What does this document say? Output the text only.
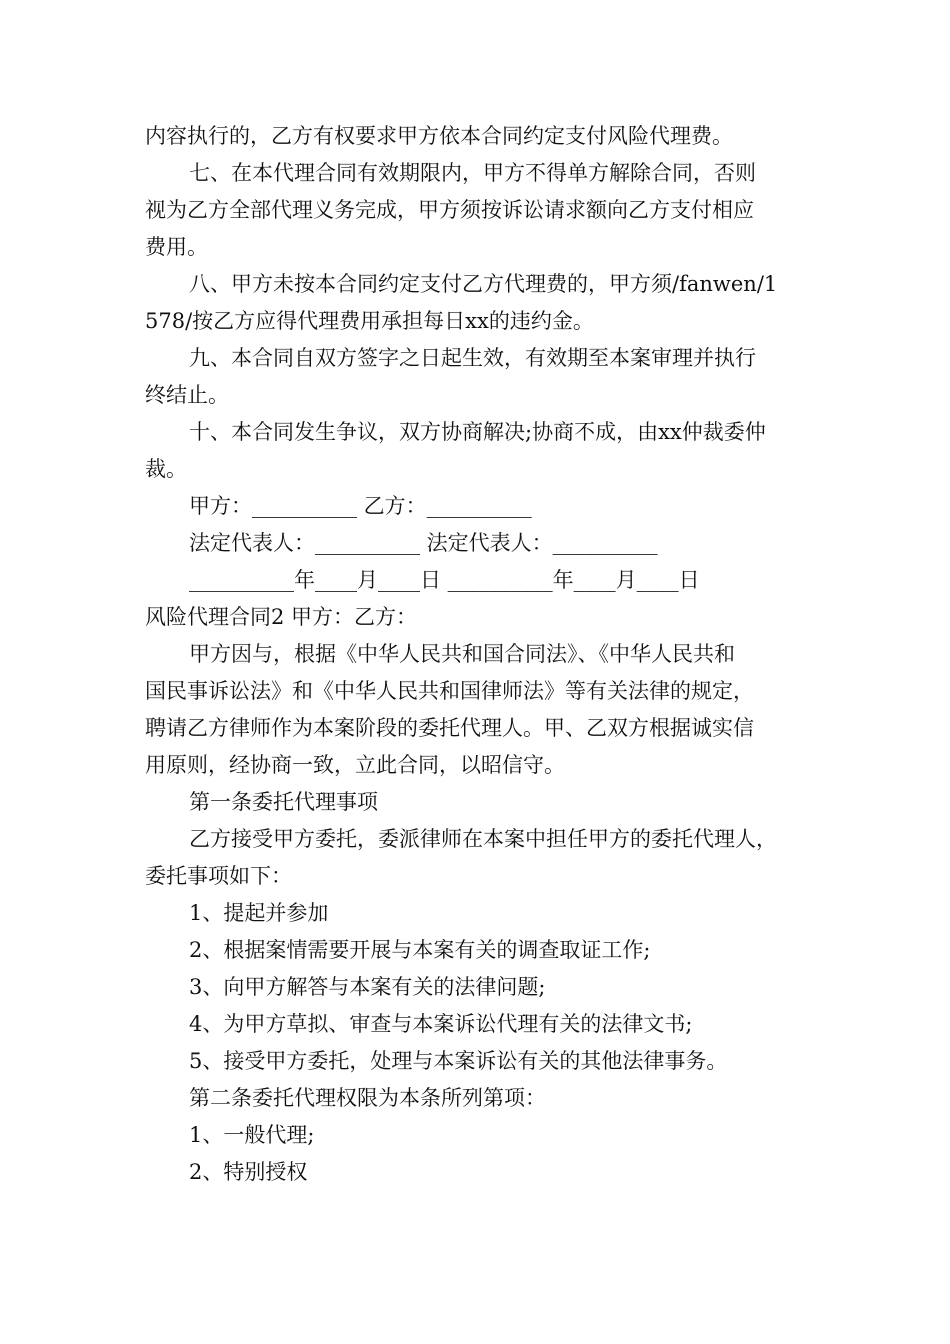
内容执行的，乙方有权要求甲方依本合同约定支付风险代理费。
七、在本代理合同有效期限内，甲方不得单方解除合同，否则
视为乙方全部代理义务完成，甲方须按诉讼请求额向乙方支付相应
费用。
八、甲方未按本合同约定支付乙方代理费的，甲方须/fanwen/1
578/按乙方应得代理费用承担每日xx的违约金。
九、本合同自双方签字之日起生效，有效期至本案审理并执行
终结止。
十、本合同发生争议，双方协商解决;协商不成，由xx仲裁委仲
裁。
甲方：__________ 乙方：__________
法定代表人：__________ 法定代表人：__________
__________年____月____日 __________年____月____日
风险代理合同2 甲方：乙方：
甲方因与，根据《中华人民共和国合同法》、《中华人民共和
国民事诉讼法》和《中华人民共和国律师法》等有关法律的规定，
聘请乙方律师作为本案阶段的委托代理人。甲、乙双方根据诚实信
用原则，经协商一致，立此合同，以昭信守。
第一条委托代理事项
乙方接受甲方委托，委派律师在本案中担任甲方的委托代理人，
委托事项如下：
1、提起并参加
2、根据案情需要开展与本案有关的调查取证工作;
3、向甲方解答与本案有关的法律问题;
4、为甲方草拟、审查与本案诉讼代理有关的法律文书;
5、接受甲方委托，处理与本案诉讼有关的其他法律事务。
第二条委托代理权限为本条所列第项：
1、一般代理;
2、特别授权
